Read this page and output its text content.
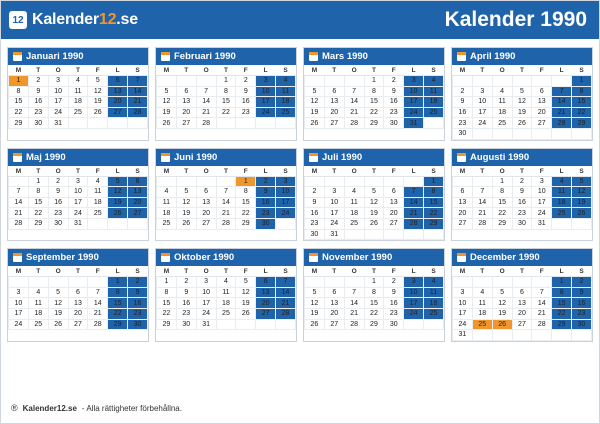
12 Kalender12.se	Kalender 1990
Januari 1990
M	T	O	T	F	L	S
1	2	3	4	5	6	7
8	9	10	11	12	13	14
15	16	17	18	19	20	21
22	23	24	25	26	27	28
29	30	31				
Februari 1990
M	T	O	T	F	L	S
			1	2	3	4
5	6	7	8	9	10	11
12	13	14	15	16	17	18
19	20	21	22	23	24	25
26	27	28				
Mars 1990
M	T	O	T	F	L	S
			1	2	3	4
5	6	7	8	9	10	11
12	13	14	15	16	17	18
19	20	21	22	23	24	25
26	27	28	29	30	31	
April 1990
M	T	O	T	F	L	S
						1
2	3	4	5	6	7	8
9	10	11	12	13	14	15
16	17	18	19	20	21	22
23	24	25	26	27	28	29
30						
Maj 1990
M	T	O	T	F	L	S
	1	2	3	4	5	6
7	8	9	10	11	12	13
14	15	16	17	18	19	20
21	22	23	24	25	26	27
28	29	30	31			
Juni 1990
M	T	O	T	F	L	S
				1	2	3
4	5	6	7	8	9	10
11	12	13	14	15	16	17
18	19	20	21	22	23	24
25	26	27	28	29	30	
Juli 1990
M	T	O	T	F	L	S
						1
2	3	4	5	6	7	8
9	10	11	12	13	14	15
16	17	18	19	20	21	22
23	24	25	26	27	28	29
30	31					
Augusti 1990
M	T	O	T	F	L	S
		1	2	3	4	5
6	7	8	9	10	11	12
13	14	15	16	17	18	19
20	21	22	23	24	25	26
27	28	29	30	31		
September 1990
M	T	O	T	F	L	S
					1	2
3	4	5	6	7	8	9
10	11	12	13	14	15	16
17	18	19	20	21	22	23
24	25	26	27	28	29	30
Oktober 1990
M	T	O	T	F	L	S
1	2	3	4	5	6	7
8	9	10	11	12	13	14
15	16	17	18	19	20	21
22	23	24	25	26	27	28
29	30	31				
November 1990
M	T	O	T	F	L	S
			1	2	3	4
5	6	7	8	9	10	11
12	13	14	15	16	17	18
19	20	21	22	23	24	25
26	27	28	29	30		
December 1990
M	T	O	T	F	L	S
					1	2
3	4	5	6	7	8	9
10	11	12	13	14	15	16
17	18	19	20	21	22	23
24	25	26	27	28	29	30
31						
® Kalender12.se - Alla rättigheter förbehållna.
